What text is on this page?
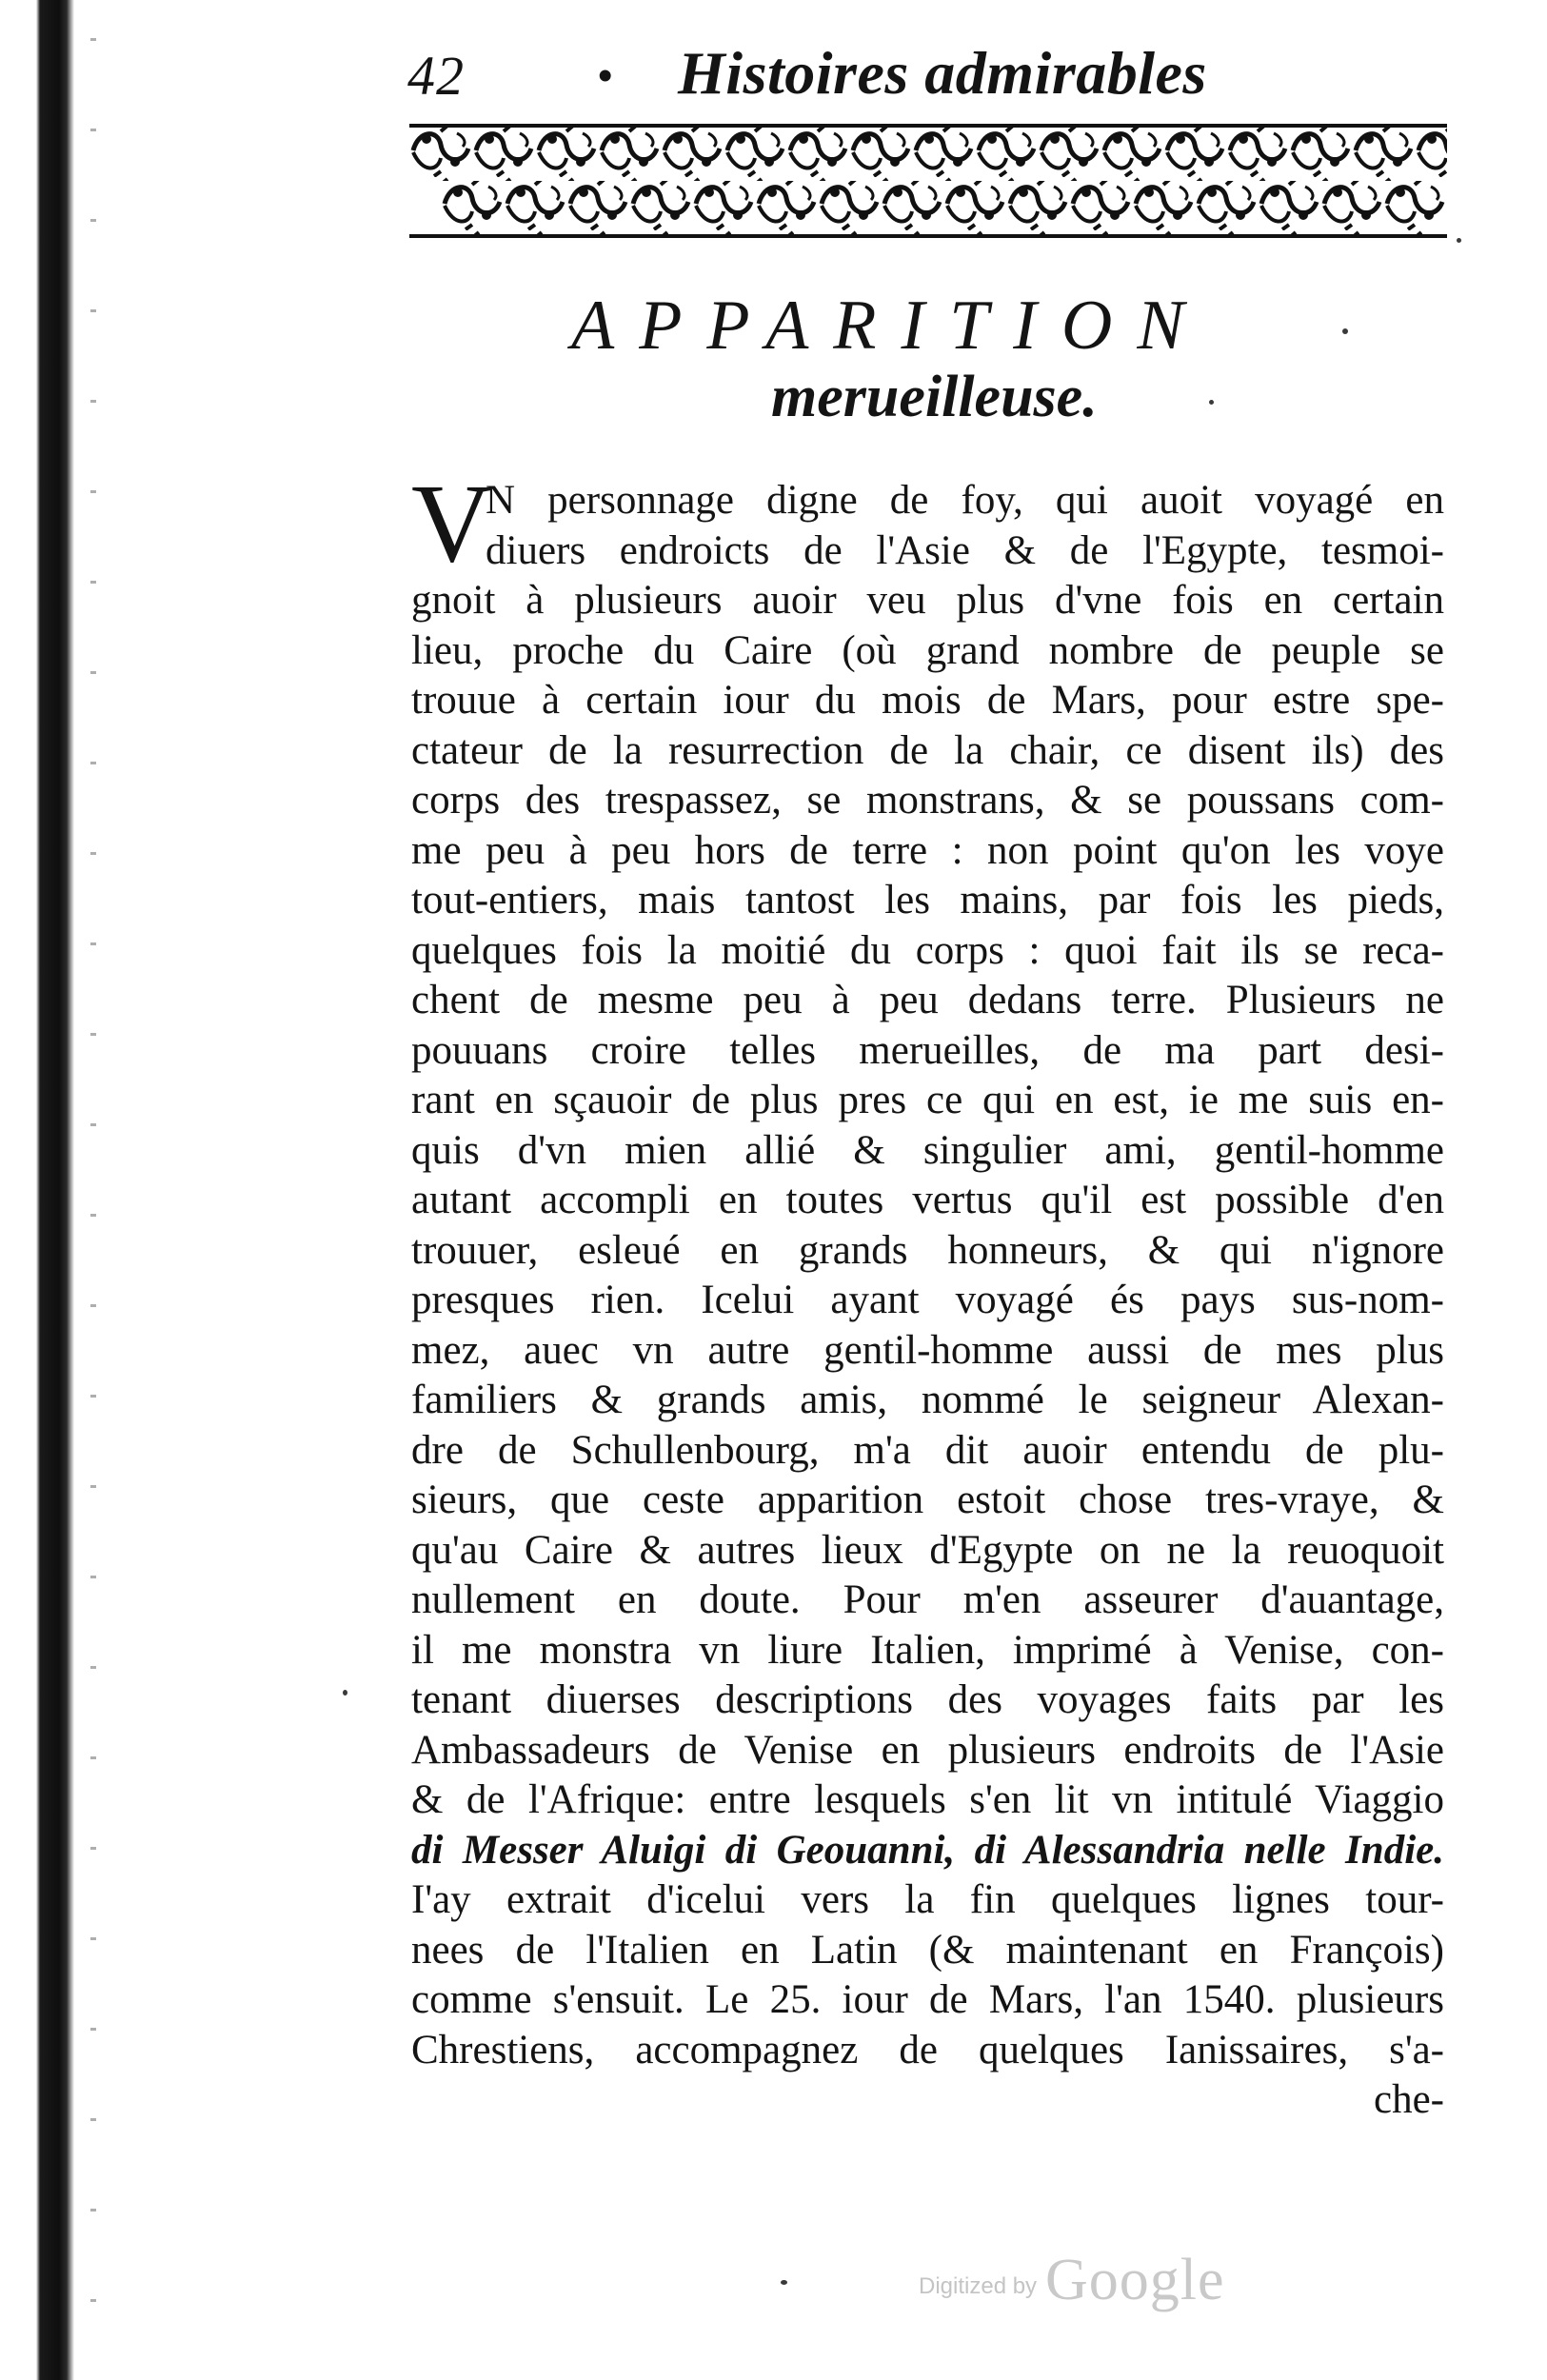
42	• Histoires admirables
APPARITION
merueilleuse.
V
N personnage digne de foy, qui auoit voyagé en
diuers endroicts de l'Asie & de l'Egypte, tesmoi-
gnoit à plusieurs auoir veu plus d'vne fois en certain
lieu, proche du Caire (où grand nombre de peuple se
trouue à certain iour du mois de Mars, pour estre spe-
ctateur de la resurrection de la chair, ce disent ils) des
corps des trespassez, se monstrans, & se poussans com-
me peu à peu hors de terre : non point qu'on les voye
tout-entiers, mais tantost les mains, par fois les pieds,
quelques fois la moitié du corps : quoi fait ils se reca-
chent de mesme peu à peu dedans terre. Plusieurs ne
pouuans croire telles merueilles, de ma part desi-
rant en sçauoir de plus pres ce qui en est, ie me suis en-
quis d'vn mien allié & singulier ami, gentil-homme
autant accompli en toutes vertus qu'il est possible d'en
trouuer, esleué en grands honneurs, & qui n'ignore
presques rien. Icelui ayant voyagé és pays sus-nom-
mez, auec vn autre gentil-homme aussi de mes plus
familiers & grands amis, nommé le seigneur Alexan-
dre de Schullenbourg, m'a dit auoir entendu de plu-
sieurs, que ceste apparition estoit chose tres-vraye, &
qu'au Caire & autres lieux d'Egypte on ne la reuoquoit
nullement en doute. Pour m'en asseurer d'auantage,
il me monstra vn liure Italien, imprimé à Venise, con-
tenant diuerses descriptions des voyages faits par les
Ambassadeurs de Venise en plusieurs endroits de l'Asie
& de l'Afrique: entre lesquels s'en lit vn intitulé Viaggio
di Messer Aluigi di Geouanni, di Alessandria nelle Indie.
I'ay extrait d'icelui vers la fin quelques lignes tour-
nees de l'Italien en Latin (& maintenant en François)
comme s'ensuit. Le 25. iour de Mars, l'an 1540. plusieurs
Chrestiens, accompagnez de quelques Ianissaires, s'a-
che-
Digitized by Google
